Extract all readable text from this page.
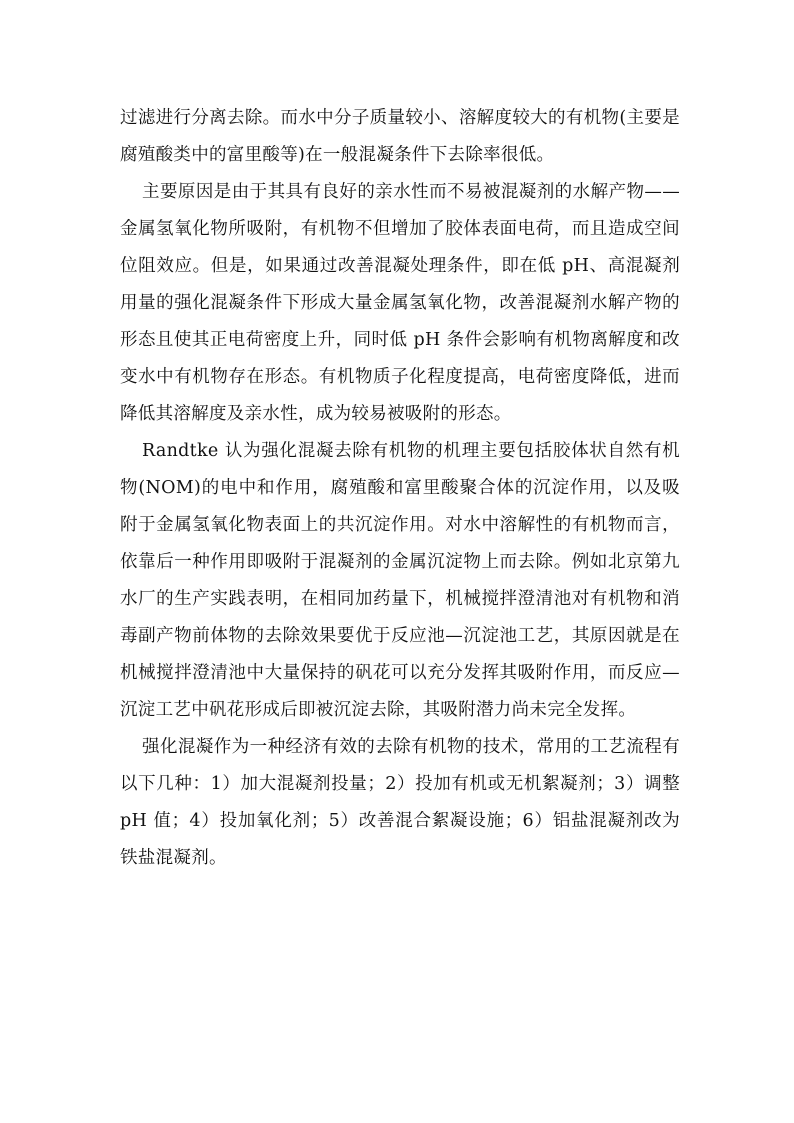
过滤进行分离去除。而水中分子质量较小、溶解度较大的有机物(主要是腐殖酸类中的富里酸等)在一般混凝条件下去除率很低。

主要原因是由于其具有良好的亲水性而不易被混凝剂的水解产物——金属氢氧化物所吸附，有机物不但增加了胶体表面电荷，而且造成空间位阻效应。但是，如果通过改善混凝处理条件，即在低 pH、高混凝剂用量的强化混凝条件下形成大量金属氢氧化物，改善混凝剂水解产物的形态且使其正电荷密度上升，同时低 pH 条件会影响有机物离解度和改变水中有机物存在形态。有机物质子化程度提高，电荷密度降低，进而降低其溶解度及亲水性，成为较易被吸附的形态。

Randtke 认为强化混凝去除有机物的机理主要包括胶体状自然有机物(NOM)的电中和作用，腐殖酸和富里酸聚合体的沉淀作用，以及吸附于金属氢氧化物表面上的共沉淀作用。对水中溶解性的有机物而言，依靠后一种作用即吸附于混凝剂的金属沉淀物上而去除。例如北京第九水厂的生产实践表明，在相同加药量下，机械搅拌澄清池对有机物和消毒副产物前体物的去除效果要优于反应池—沉淀池工艺，其原因就是在机械搅拌澄清池中大量保持的矾花可以充分发挥其吸附作用，而反应—沉淀工艺中矾花形成后即被沉淀去除，其吸附潜力尚未完全发挥。

强化混凝作为一种经济有效的去除有机物的技术，常用的工艺流程有以下几种：1）加大混凝剂投量；2）投加有机或无机絮凝剂；3）调整 pH 值；4）投加氧化剂；5）改善混合絮凝设施；6）铝盐混凝剂改为铁盐混凝剂。
